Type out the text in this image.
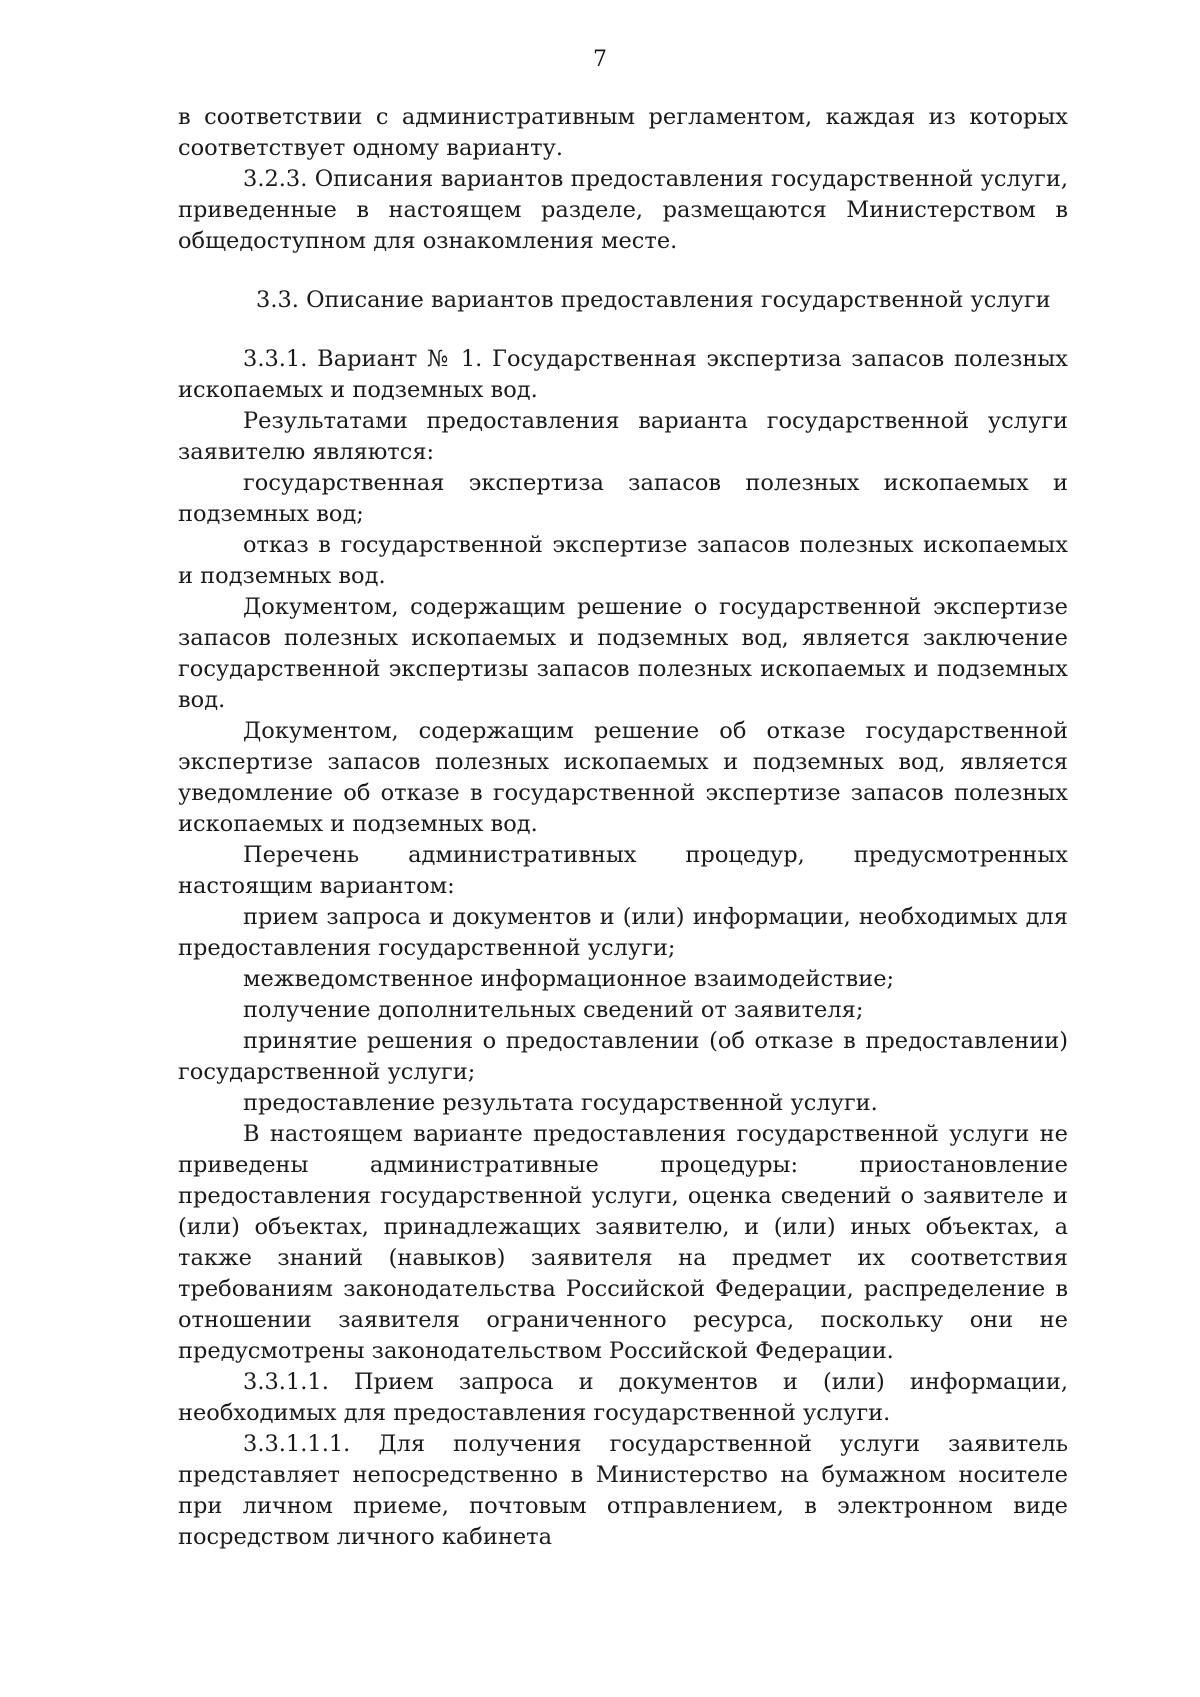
7

в соответствии с административным регламентом, каждая из которых соответствует одному варианту.

3.2.3. Описания вариантов предоставления государственной услуги, приведенные в настоящем разделе, размещаются Министерством в общедоступном для ознакомления месте.

3.3. Описание вариантов предоставления государственной услуги

3.3.1. Вариант № 1. Государственная экспертиза запасов полезных ископаемых и подземных вод.

Результатами предоставления варианта государственной услуги заявителю являются:

государственная экспертиза запасов полезных ископаемых и подземных вод;

отказ в государственной экспертизе запасов полезных ископаемых и подземных вод.

Документом, содержащим решение о государственной экспертизе запасов полезных ископаемых и подземных вод, является заключение государственной экспертизы запасов полезных ископаемых и подземных вод.

Документом, содержащим решение об отказе государственной экспертизе запасов полезных ископаемых и подземных вод, является уведомление об отказе в государственной экспертизе запасов полезных ископаемых и подземных вод.

Перечень административных процедур, предусмотренных настоящим вариантом:

прием запроса и документов и (или) информации, необходимых для предоставления государственной услуги;

межведомственное информационное взаимодействие;

получение дополнительных сведений от заявителя;

принятие решения о предоставлении (об отказе в предоставлении) государственной услуги;

предоставление результата государственной услуги.

В настоящем варианте предоставления государственной услуги не приведены административные процедуры: приостановление предоставления государственной услуги, оценка сведений о заявителе и (или) объектах, принадлежащих заявителю, и (или) иных объектах, а также знаний (навыков) заявителя на предмет их соответствия требованиям законодательства Российской Федерации, распределение в отношении заявителя ограниченного ресурса, поскольку они не предусмотрены законодательством Российской Федерации.

3.3.1.1. Прием запроса и документов и (или) информации, необходимых для предоставления государственной услуги.

3.3.1.1.1. Для получения государственной услуги заявитель представляет непосредственно в Министерство на бумажном носителе при личном приеме, почтовым отправлением, в электронном виде посредством личного кабинета
